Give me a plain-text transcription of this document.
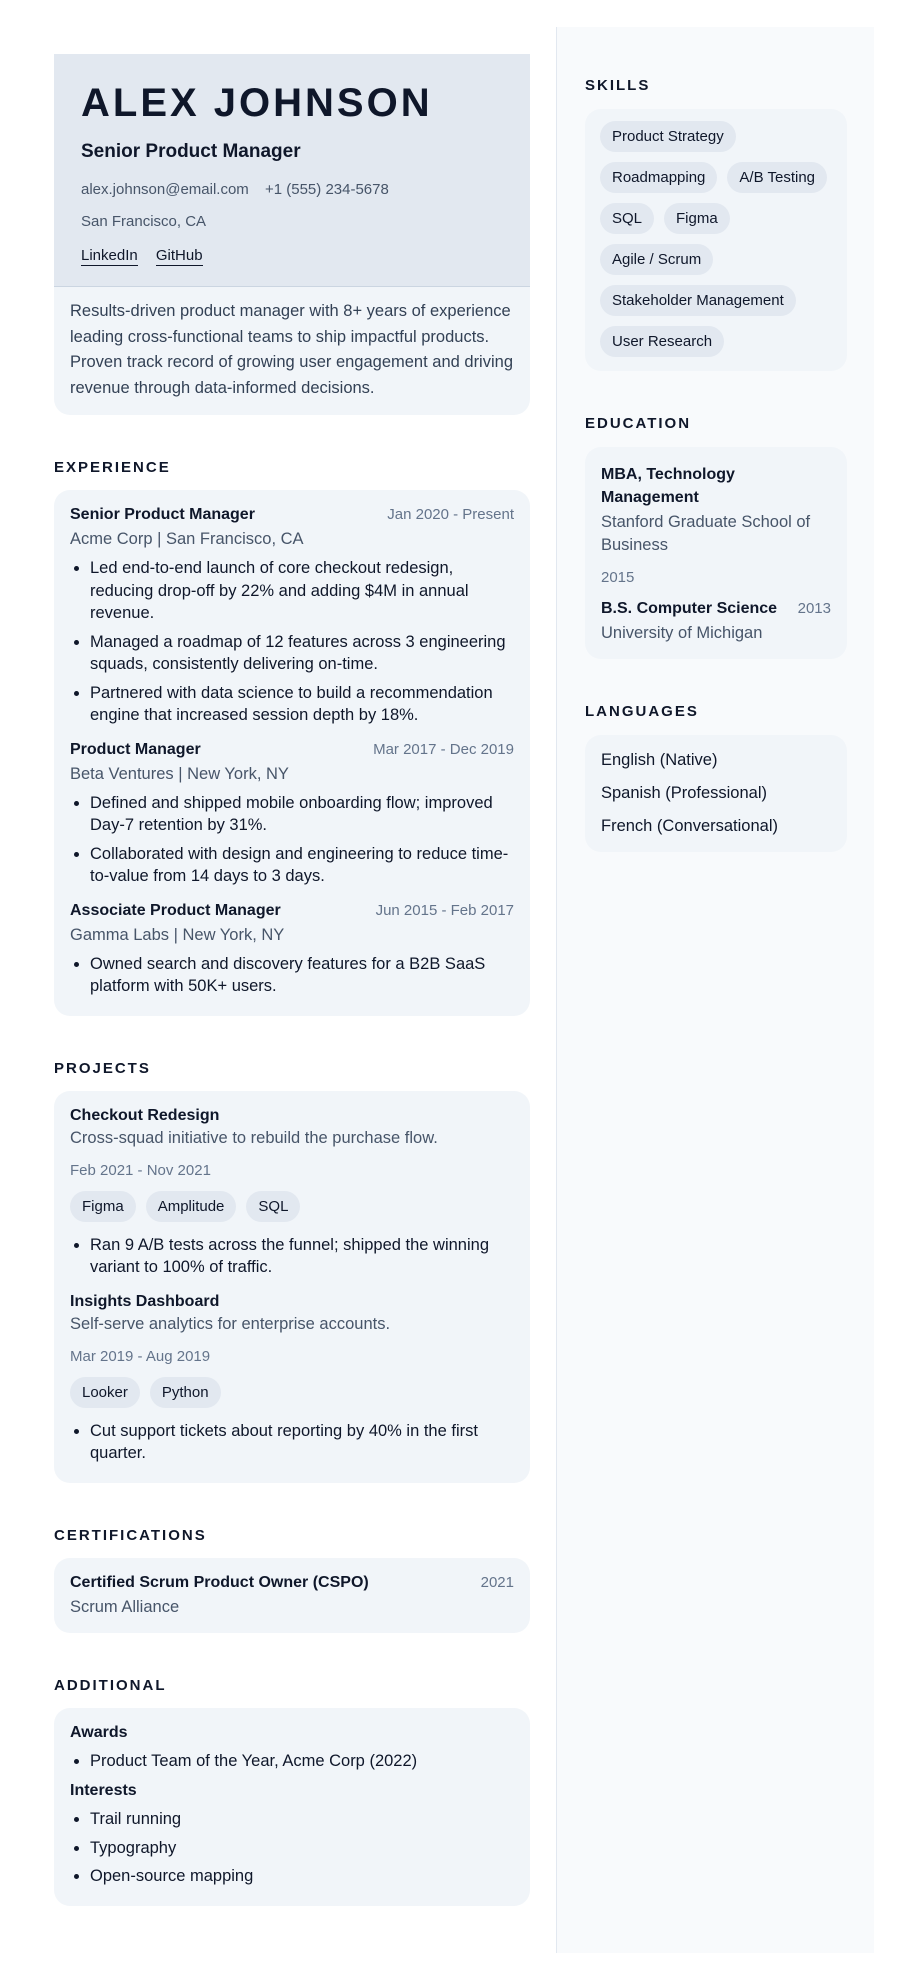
ALEX JOHNSON
Senior Product Manager
alex.johnson@email.com +1 (555) 234-5678
San Francisco, CA
LinkedIn GitHub
Results-driven product manager with 8+ years of experience leading cross-functional teams to ship impactful products. Proven track record of growing user engagement and driving revenue through data-informed decisions.
EXPERIENCE
Senior Product Manager	Jan 2020 - Present
Acme Corp | San Francisco, CA
• Led end-to-end launch of core checkout redesign, reducing drop-off by 22% and adding $4M in annual revenue.
• Managed a roadmap of 12 features across 3 engineering squads, consistently delivering on-time.
• Partnered with data science to build a recommendation engine that increased session depth by 18%.
Product Manager	Mar 2017 - Dec 2019
Beta Ventures | New York, NY
• Defined and shipped mobile onboarding flow; improved Day-7 retention by 31%.
• Collaborated with design and engineering to reduce time-to-value from 14 days to 3 days.
Associate Product Manager	Jun 2015 - Feb 2017
Gamma Labs | New York, NY
• Owned search and discovery features for a B2B SaaS platform with 50K+ users.
PROJECTS
Checkout Redesign
Cross-squad initiative to rebuild the purchase flow.
Feb 2021 - Nov 2021
Figma	Amplitude	SQL
• Ran 9 A/B tests across the funnel; shipped the winning variant to 100% of traffic.
Insights Dashboard
Self-serve analytics for enterprise accounts.
Mar 2019 - Aug 2019
Looker	Python
• Cut support tickets about reporting by 40% in the first quarter.
CERTIFICATIONS
Certified Scrum Product Owner (CSPO)	2021
Scrum Alliance
ADDITIONAL
Awards
• Product Team of the Year, Acme Corp (2022)
Interests
• Trail running
• Typography
• Open-source mapping
SKILLS
Product Strategy
Roadmapping	A/B Testing
SQL	Figma
Agile / Scrum
Stakeholder Management
User Research
EDUCATION
MBA, Technology Management
Stanford Graduate School of Business
2015
B.S. Computer Science 2013
University of Michigan
LANGUAGES
English (Native)
Spanish (Professional)
French (Conversational)
